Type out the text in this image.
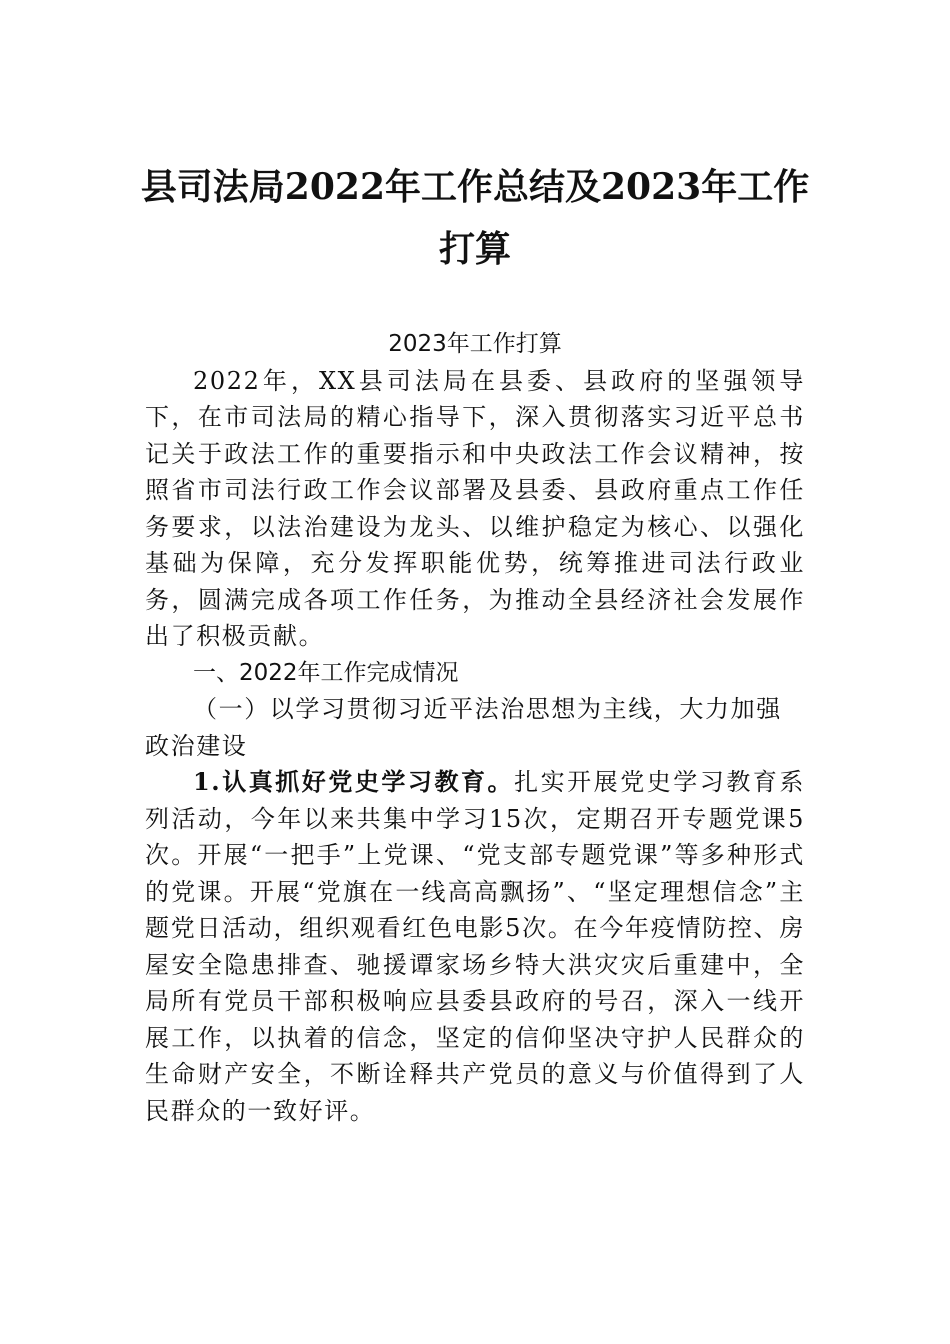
县司法局2022年工作总结及2023年工作打算

2023年工作打算

2022年，XX县司法局在县委、县政府的坚强领导下，在市司法局的精心指导下，深入贯彻落实习近平总书记关于政法工作的重要指示和中央政法工作会议精神，按照省市司法行政工作会议部署及县委、县政府重点工作任务要求，以法治建设为龙头、以维护稳定为核心、以强化基础为保障，充分发挥职能优势，统筹推进司法行政业务，圆满完成各项工作任务，为推动全县经济社会发展作出了积极贡献。

一、2022年工作完成情况

（一）以学习贯彻习近平法治思想为主线，大力加强政治建设

1.认真抓好党史学习教育。扎实开展党史学习教育系列活动，今年以来共集中学习15次，定期召开专题党课5次。开展“一把手”上党课、“党支部专题党课”等多种形式的党课。开展“党旗在一线高高飘扬”、“坚定理想信念”主题党日活动，组织观看红色电影5次。在今年疫情防控、房屋安全隐患排查、驰援谭家场乡特大洪灾灾后重建中，全局所有党员干部积极响应县委县政府的号召，深入一线开展工作，以执着的信念，坚定的信仰坚决守护人民群众的生命财产安全，不断诠释共产党员的意义与价值得到了人民群众的一致好评。
